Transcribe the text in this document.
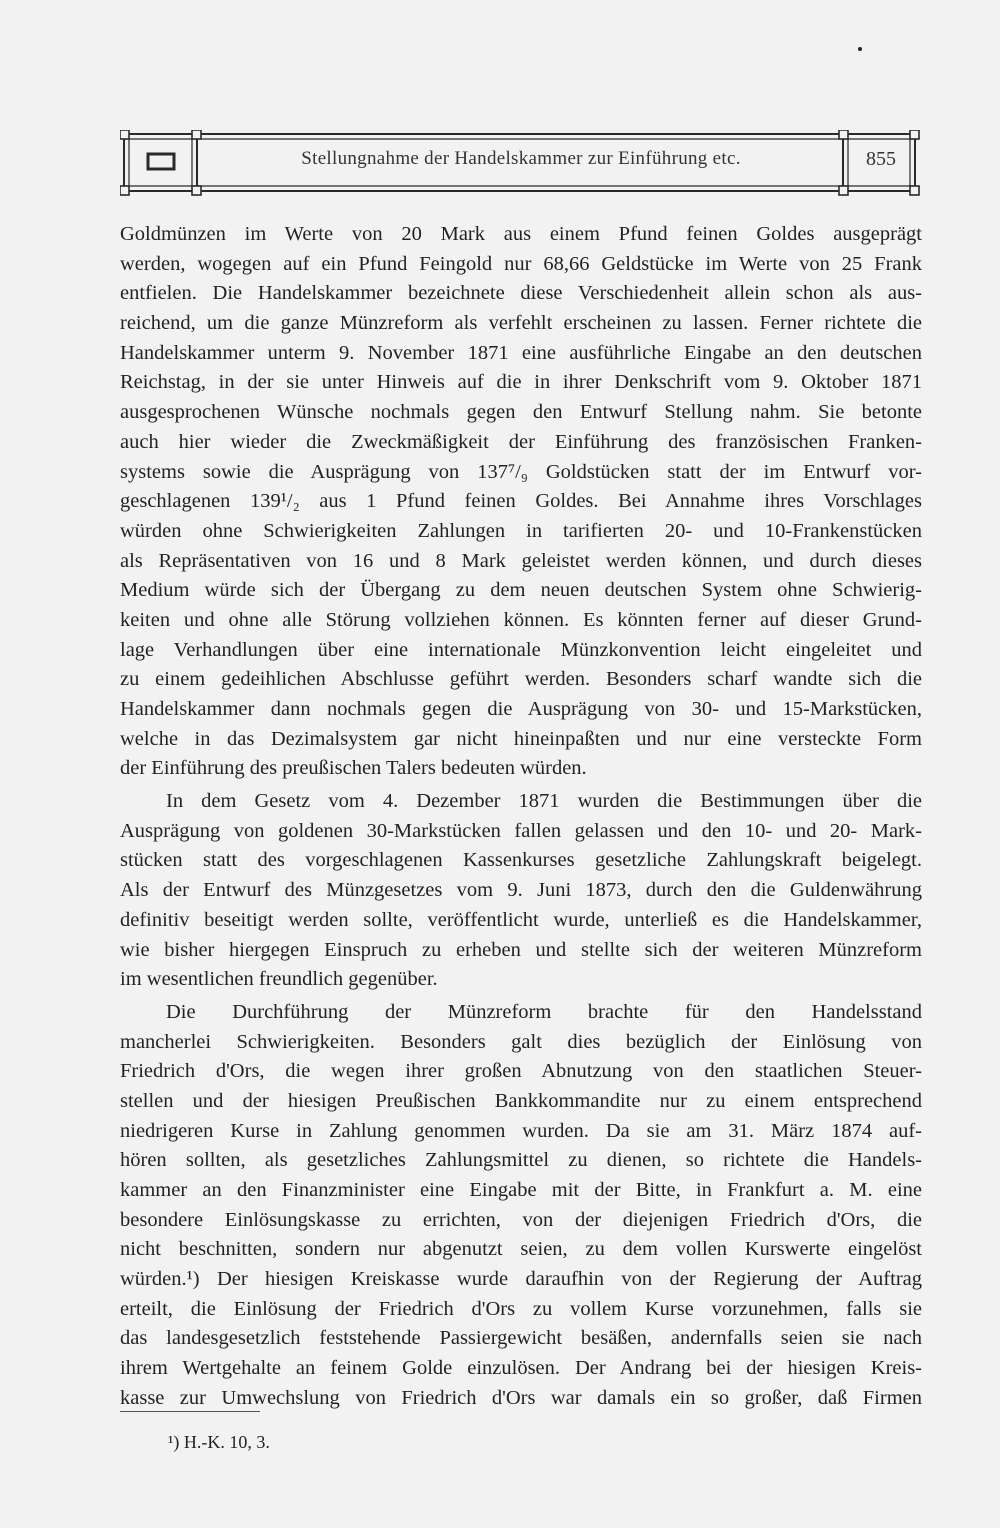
Stellungnahme der Handelskammer zur Einführung etc.	855
Goldmünzen im Werte von 20 Mark aus einem Pfund feinen Goldes ausgeprägt
werden, wogegen auf ein Pfund Feingold nur 68,66 Geldstücke im Werte von 25 Frank
entfielen. Die Handelskammer bezeichnete diese Verschiedenheit allein schon als aus-
reichend, um die ganze Münzreform als verfehlt erscheinen zu lassen. Ferner richtete die
Handelskammer unterm 9. November 1871 eine ausführliche Eingabe an den deutschen
Reichstag, in der sie unter Hinweis auf die in ihrer Denkschrift vom 9. Oktober 1871
ausgesprochenen Wünsche nochmals gegen den Entwurf Stellung nahm. Sie betonte
auch hier wieder die Zweckmäßigkeit der Einführung des französischen Franken-
systems sowie die Ausprägung von 137⁷/₉ Goldstücken statt der im Entwurf vor-
geschlagenen 139¹/₂ aus 1 Pfund feinen Goldes. Bei Annahme ihres Vorschlages
würden ohne Schwierigkeiten Zahlungen in tarifierten 20- und 10-Frankenstücken
als Repräsentativen von 16 und 8 Mark geleistet werden können, und durch dieses
Medium würde sich der Übergang zu dem neuen deutschen System ohne Schwierig-
keiten und ohne alle Störung vollziehen können. Es könnten ferner auf dieser Grund-
lage Verhandlungen über eine internationale Münzkonvention leicht eingeleitet und
zu einem gedeihlichen Abschlusse geführt werden. Besonders scharf wandte sich die
Handelskammer dann nochmals gegen die Ausprägung von 30- und 15-Markstücken,
welche in das Dezimalsystem gar nicht hineinpaßten und nur eine versteckte Form
der Einführung des preußischen Talers bedeuten würden.
In dem Gesetz vom 4. Dezember 1871 wurden die Bestimmungen über die
Ausprägung von goldenen 30-Markstücken fallen gelassen und den 10- und 20- Mark-
stücken statt des vorgeschlagenen Kassenkurses gesetzliche Zahlungskraft beigelegt.
Als der Entwurf des Münzgesetzes vom 9. Juni 1873, durch den die Guldenwährung
definitiv beseitigt werden sollte, veröffentlicht wurde, unterließ es die Handelskammer,
wie bisher hiergegen Einspruch zu erheben und stellte sich der weiteren Münzreform
im wesentlichen freundlich gegenüber.
Die Durchführung der Münzreform brachte für den Handelsstand
mancherlei Schwierigkeiten. Besonders galt dies bezüglich der Einlösung von
Friedrich d'Ors, die wegen ihrer großen Abnutzung von den staatlichen Steuer-
stellen und der hiesigen Preußischen Bankkommandite nur zu einem entsprechend
niedrigeren Kurse in Zahlung genommen wurden. Da sie am 31. März 1874 auf-
hören sollten, als gesetzliches Zahlungsmittel zu dienen, so richtete die Handels-
kammer an den Finanzminister eine Eingabe mit der Bitte, in Frankfurt a. M. eine
besondere Einlösungskasse zu errichten, von der diejenigen Friedrich d'Ors, die
nicht beschnitten, sondern nur abgenutzt seien, zu dem vollen Kurswerte eingelöst
würden.¹) Der hiesigen Kreiskasse wurde daraufhin von der Regierung der Auftrag
erteilt, die Einlösung der Friedrich d'Ors zu vollem Kurse vorzunehmen, falls sie
das landesgesetzlich feststehende Passiergewicht besäßen, andernfalls seien sie nach
ihrem Wertgehalte an feinem Golde einzulösen. Der Andrang bei der hiesigen Kreis-
kasse zur Umwechslung von Friedrich d'Ors war damals ein so großer, daß Firmen
¹) H.-K. 10, 3.
